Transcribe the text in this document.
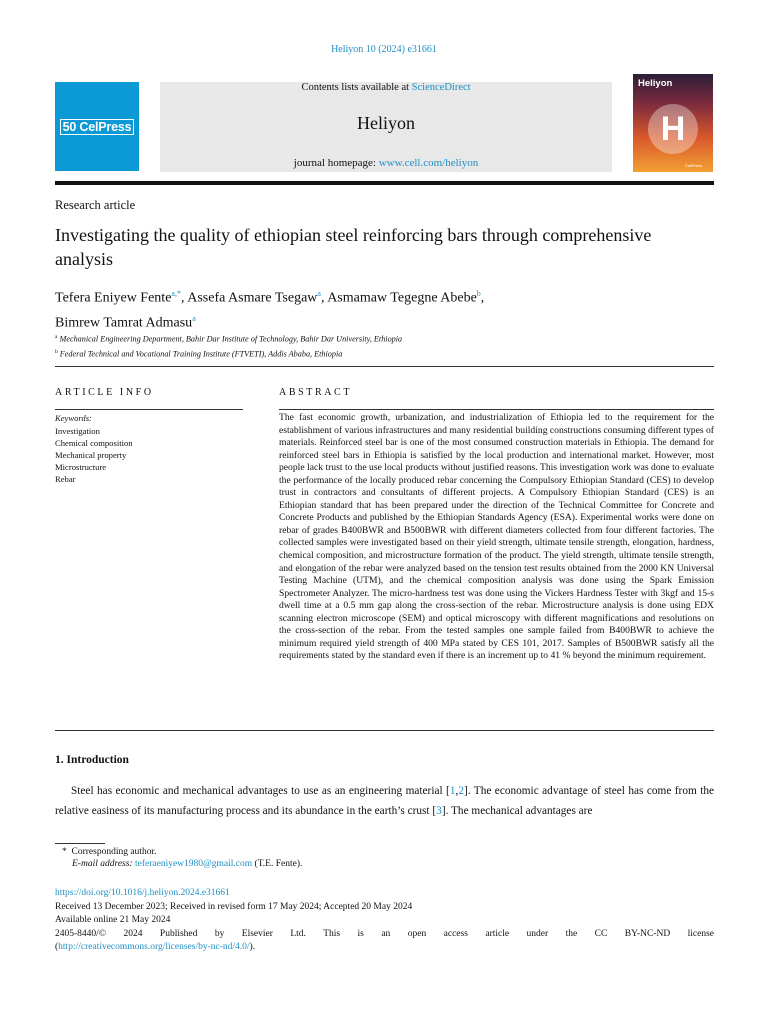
Heliyon 10 (2024) e31661
50 CelPress
Contents lists available at ScienceDirect
Heliyon
journal homepage: www.cell.com/heliyon
Heliyon
H
CellPress
Research article
Investigating the quality of ethiopian steel reinforcing bars through comprehensive analysis
Tefera Eniyew Fente$^{a,*}$, Assefa Asmare Tsegaw$^a$, Asmamaw Tegegne Abebe$^b$,
Bimrew Tamrat Admasu$^a$
$^a$ Mechanical Engineering Department, Bahir Dar Institute of Technology, Bahir Dar University, Ethiopia
$^b$ Federal Technical and Vocational Training Institute (FTVETI), Addis Ababa, Ethiopia
ARTICLE INFO	ABSTRACT
Keywords:
Investigation
Chemical composition
Mechanical property
Microstructure
Rebar

The fast economic growth, urbanization, and industrialization of Ethiopia led to the requirement for the establishment of various infrastructures and many residential building constructions consuming different types of materials. Reinforced steel bar is one of the most consumed construction materials in Ethiopia. The demand for reinforced steel bars in Ethiopia is satisfied by the local production and international market. However, most people lack trust to the use local products without justified reasons. This investigation work was done to evaluate the performance of the locally produced rebar concerning the Compulsory Ethiopian Standard (CES) to develop trust in contractors and consultants of different projects. A Compulsory Ethiopian Standard (CES) is an Ethiopian standard that has been prepared under the direction of the Technical Committee for Concrete and Concrete Products and published by the Ethiopian Standards Agency (ESA). Experimental works were done on rebar of grades B400BWR and B500BWR with different diameters collected from four different factories. The collected samples were investigated based on their yield strength, ultimate tensile strength, elongation, hardness, chemical composition, and microstructure formation of the product. The yield strength, ultimate tensile strength, and elongation of the rebar were analyzed based on the tension test results obtained from the 2000 KN Universal Testing Machine (UTM), and the chemical composition analysis was done using the Spark Emission Spectrometer Analyzer. The micro-hardness test was done using the Vickers Hardness Tester with 3kgf and 15-s dwell time at a 0.5 mm gap along the cross-section of the rebar. Microstructure analysis is done using EDX scanning electron microscope (SEM) and optical microscopy with different magnifications and resolutions on the cross-section of the rebar. From the tested samples one sample failed from B400BWR to achieve the minimum required yield strength of 400 MPa stated by CES 101, 2017. Samples of B500BWR satisfy all the requirements stated by the standard even if there is an increment up to 41 % beyond the minimum requirement.

1. Introduction

Steel has economic and mechanical advantages to use as an engineering material [1,2]. The economic advantage of steel has come from the relative easiness of its manufacturing process and its abundance in the earth’s crust [3]. The mechanical advantages are

* Corresponding author.
E-mail address: teferaeniyew1980@gmail.com (T.E. Fente).
https://doi.org/10.1016/j.heliyon.2024.e31661
Received 13 December 2023; Received in revised form 17 May 2024; Accepted 20 May 2024
Available online 21 May 2024
2405-8440/© 2024 Published by Elsevier Ltd. This is an open access article under the CC BY-NC-ND license
(http://creativecommons.org/licenses/by-nc-nd/4.0/).
